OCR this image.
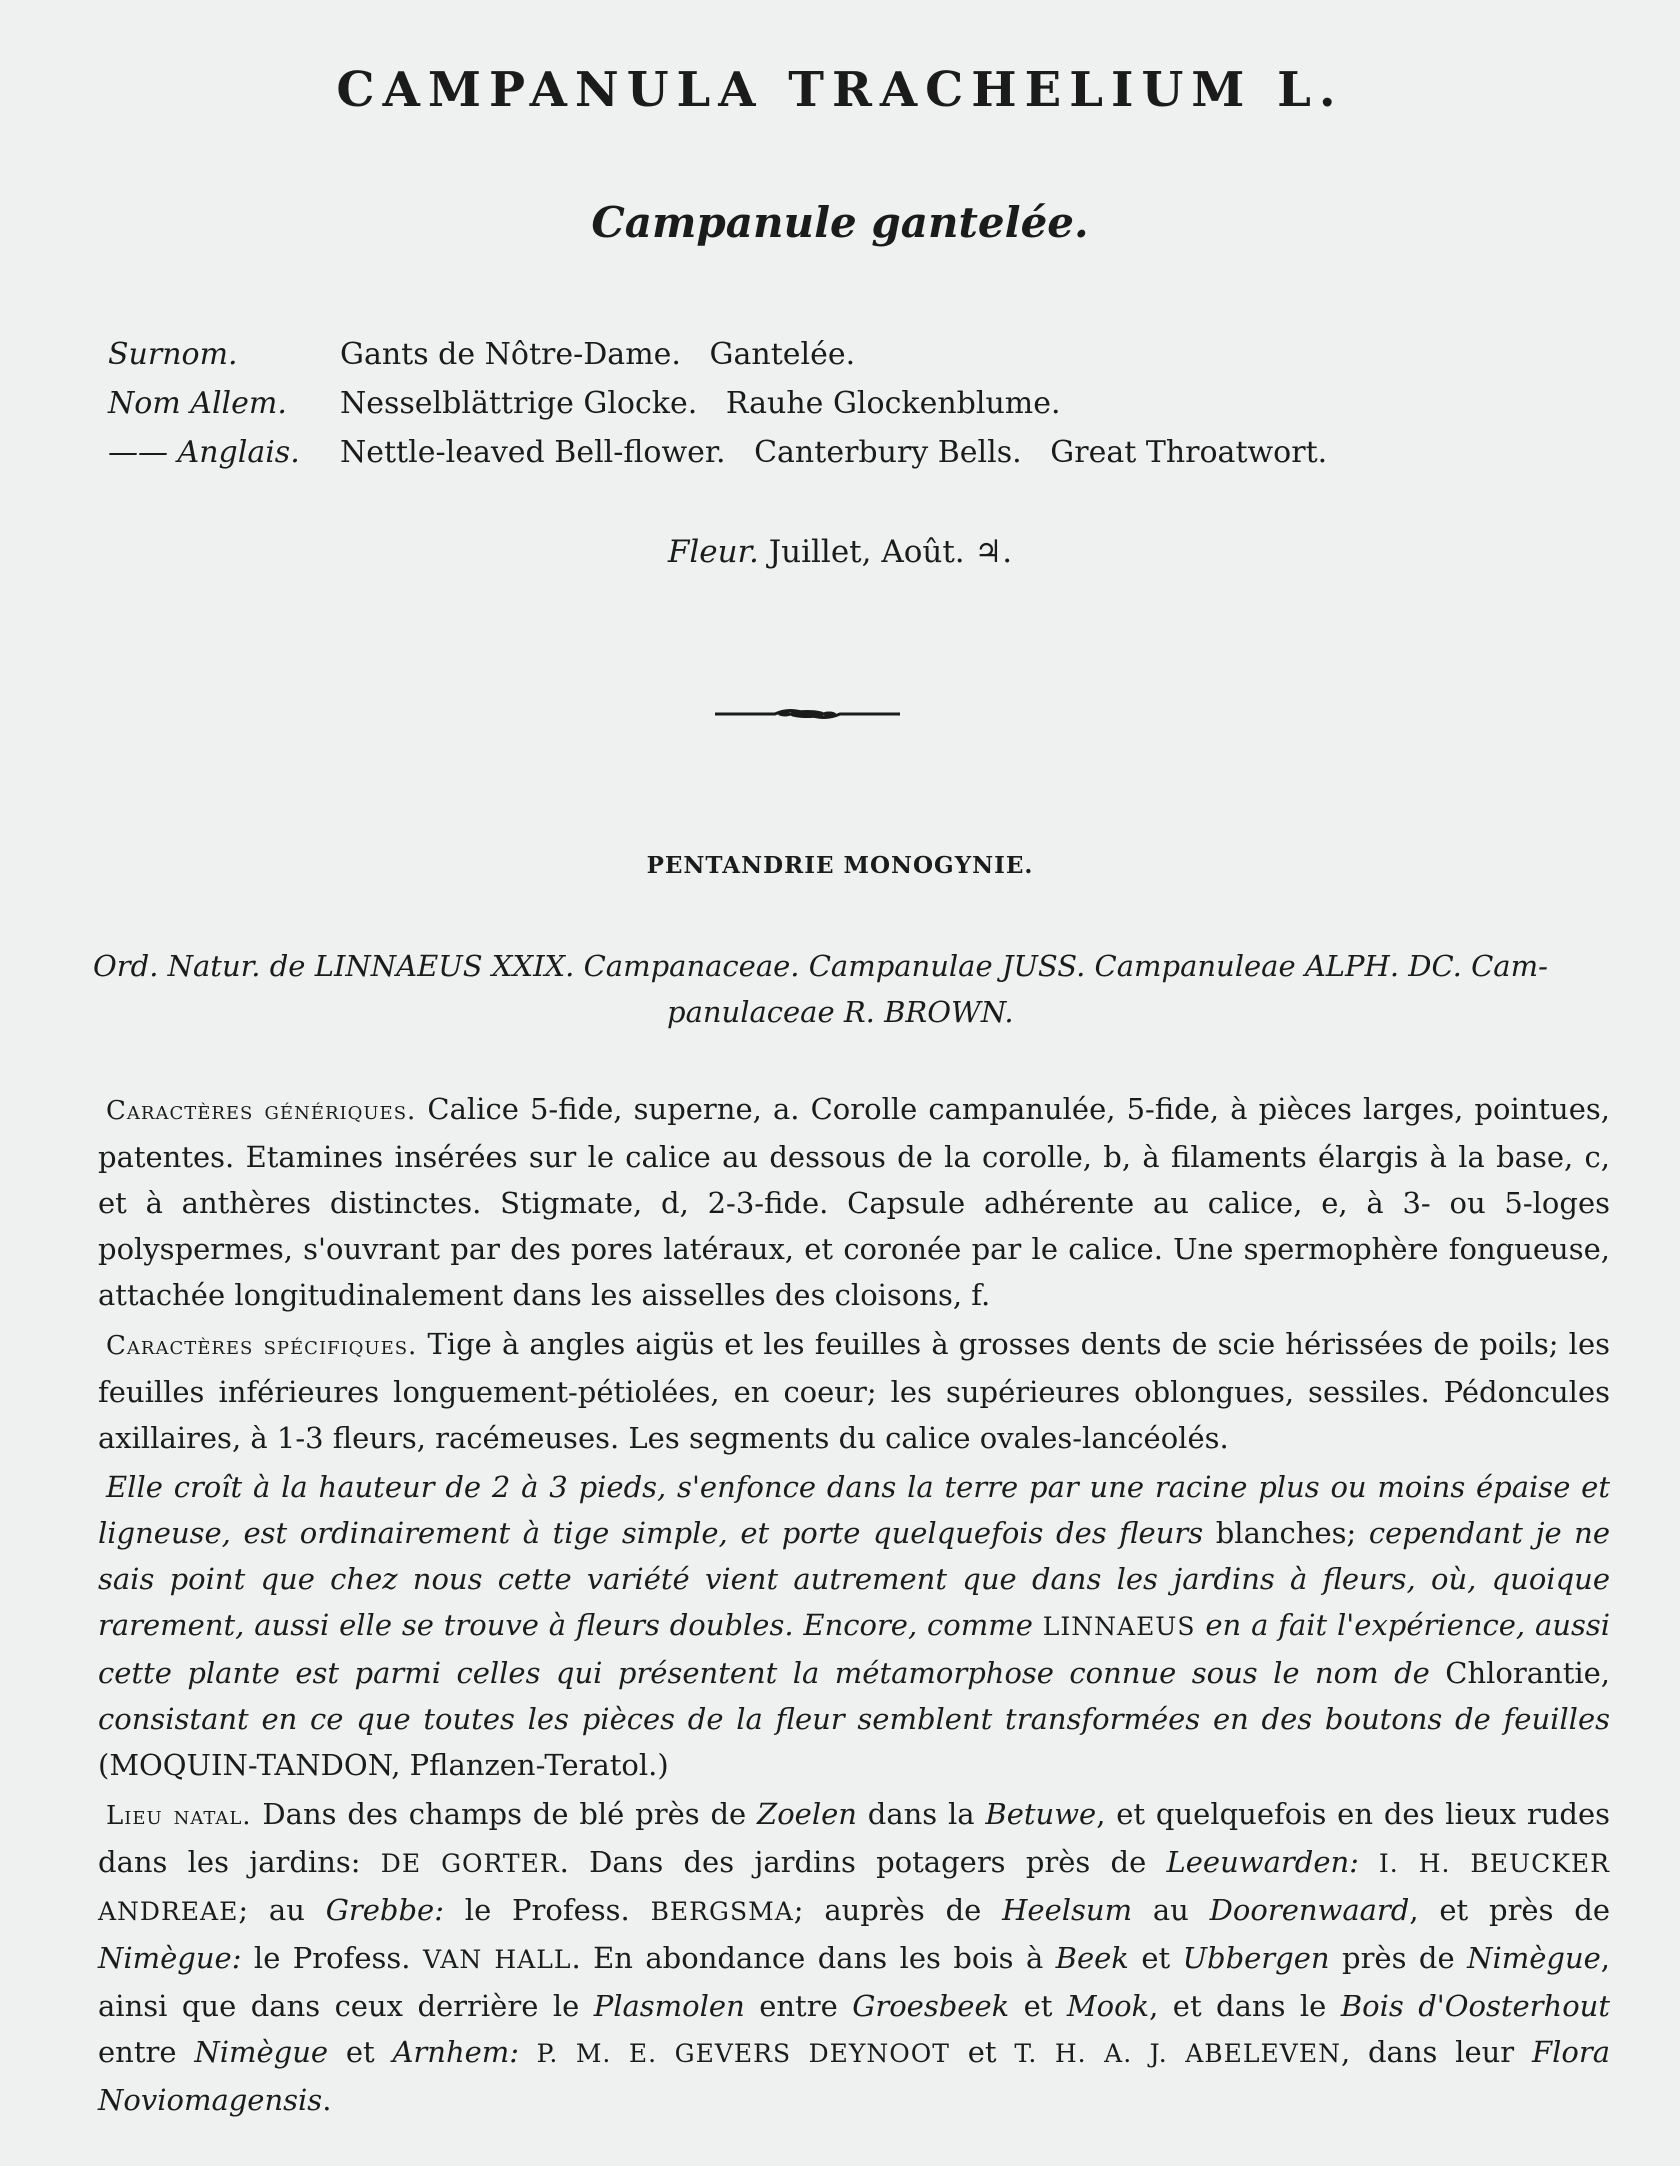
CAMPANULA TRACHELIUM L.
Campanule gantelée.
Surnom.	Gants de Nôtre-Dame.   Gantelée.
Nom Allem.	Nesselblättrige Glocke.   Rauhe Glockenblume.
—— Anglais.	Nettle-leaved Bell-flower.   Canterbury Bells.   Great Throatwort.
Fleur. Juillet, Août. ♃.
PENTANDRIE MONOGYNIE.
Ord. Natur. de LINNAEUS XXIX. Campanaceae. Campanulae JUSS. Campanuleae ALPH. DC. Cam-
panulaceae R. BROWN.

Caractères génériques. Calice 5-fide, superne, a. Corolle campanulée, 5-fide, à pièces larges, pointues, patentes. Etamines insérées sur le calice au dessous de la corolle, b, à filaments élargis à la base, c, et à anthères distinctes. Stigmate, d, 2-3-fide. Capsule adhérente au calice, e, à 3- ou 5-loges polyspermes, s'ouvrant par des pores latéraux, et coronée par le calice. Une spermophère fongueuse, attachée longitudinalement dans les aisselles des cloisons, f.

Caractères spécifiques. Tige à angles aigüs et les feuilles à grosses dents de scie hérissées de poils; les feuilles inférieures longuement-pétiolées, en coeur; les supérieures oblongues, sessiles. Pédoncules axillaires, à 1-3 fleurs, racémeuses. Les segments du calice ovales-lancéolés.

Elle croît à la hauteur de 2 à 3 pieds, s'enfonce dans la terre par une racine plus ou moins épaise et ligneuse, est ordinairement à tige simple, et porte quelquefois des fleurs blanches; cependant je ne sais point que chez nous cette variété vient autrement que dans les jardins à fleurs, où, quoique rarement, aussi elle se trouve à fleurs doubles. Encore, comme LINNAEUS en a fait l'expérience, aussi cette plante est parmi celles qui présentent la métamorphose connue sous le nom de Chlorantie, consistant en ce que toutes les pièces de la fleur semblent transformées en des boutons de feuilles (MOQUIN-TANDON, Pflanzen-Teratol.)

Lieu natal. Dans des champs de blé près de Zoelen dans la Betuwe, et quelquefois en des lieux rudes dans les jardins: DE GORTER. Dans des jardins potagers près de Leeuwarden: I. H. BEUCKER ANDREAE; au Grebbe: le Profess. BERGSMA; auprès de Heelsum au Doorenwaard, et près de Nimègue: le Profess. VAN HALL. En abondance dans les bois à Beek et Ubbergen près de Nimègue, ainsi que dans ceux derrière le Plasmolen entre Groesbeek et Mook, et dans le Bois d'Oosterhout entre Nimègue et Arnhem: P. M. E. GEVERS DEYNOOT et T. H. A. J. ABELEVEN, dans leur Flora Noviomagensis.
